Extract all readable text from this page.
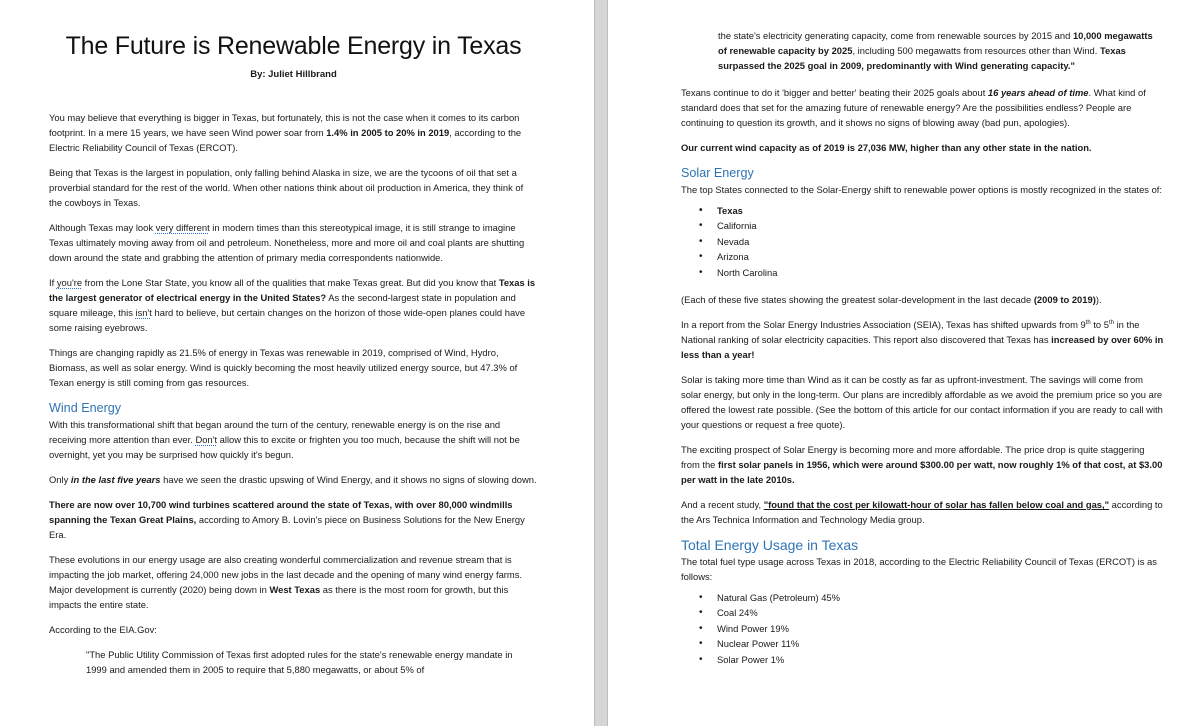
The Future is Renewable Energy in Texas
By: Juliet Hillbrand

You may believe that everything is bigger in Texas, but fortunately, this is not the case when it comes to its carbon footprint. In a mere 15 years, we have seen Wind power soar from 1.4% in 2005 to 20% in 2019, according to the Electric Reliability Council of Texas (ERCOT).

Being that Texas is the largest in population, only falling behind Alaska in size, we are the tycoons of oil that set a proverbial standard for the rest of the world. When other nations think about oil production in America, they think of the cowboys in Texas.

Although Texas may look very different in modern times than this stereotypical image, it is still strange to imagine Texas ultimately moving away from oil and petroleum. Nonetheless, more and more oil and coal plants are shutting down around the state and grabbing the attention of primary media correspondents nationwide.

If you're from the Lone Star State, you know all of the qualities that make Texas great. But did you know that Texas is the largest generator of electrical energy in the United States? As the second-largest state in population and square mileage, this isn't hard to believe, but certain changes on the horizon of those wide-open planes could have some raising eyebrows.

Things are changing rapidly as 21.5% of energy in Texas was renewable in 2019, comprised of Wind, Hydro, Biomass, as well as solar energy. Wind is quickly becoming the most heavily utilized energy source, but 47.3% of Texan energy is still coming from gas resources.

Wind Energy

With this transformational shift that began around the turn of the century, renewable energy is on the rise and receiving more attention than ever. Don't allow this to excite or frighten you too much, because the shift will not be overnight, yet you may be surprised how quickly it's begun.

Only in the last five years have we seen the drastic upswing of Wind Energy, and it shows no signs of slowing down.

There are now over 10,700 wind turbines scattered around the state of Texas, with over 80,000 windmills spanning the Texan Great Plains, according to Amory B. Lovin's piece on Business Solutions for the New Energy Era.

These evolutions in our energy usage are also creating wonderful commercialization and revenue stream that is impacting the job market, offering 24,000 new jobs in the last decade and the opening of many wind energy farms. Major development is currently (2020) being down in West Texas as there is the most room for growth, but this impacts the entire state.

According to the EIA.Gov:

"The Public Utility Commission of Texas first adopted rules for the state's renewable energy mandate in 1999 and amended them in 2005 to require that 5,880 megawatts, or about 5% of

the state's electricity generating capacity, come from renewable sources by 2015 and 10,000 megawatts of renewable capacity by 2025, including 500 megawatts from resources other than Wind. Texas surpassed the 2025 goal in 2009, predominantly with Wind generating capacity."

Texans continue to do it 'bigger and better' beating their 2025 goals about 16 years ahead of time. What kind of standard does that set for the amazing future of renewable energy? Are the possibilities endless? People are continuing to question its growth, and it shows no signs of blowing away (bad pun, apologies).

Our current wind capacity as of 2019 is 27,036 MW, higher than any other state in the nation.

Solar Energy

The top States connected to the Solar-Energy shift to renewable power options is mostly recognized in the states of:

• Texas
• California
• Nevada
• Arizona
• North Carolina

(Each of these five states showing the greatest solar-development in the last decade (2009 to 2019)).

In a report from the Solar Energy Industries Association (SEIA), Texas has shifted upwards from 9th to 5th in the National ranking of solar electricity capacities. This report also discovered that Texas has increased by over 60% in less than a year!

Solar is taking more time than Wind as it can be costly as far as upfront-investment. The savings will come from solar energy, but only in the long-term. Our plans are incredibly affordable as we avoid the premium price so you are offered the lowest rate possible. (See the bottom of this article for our contact information if you are ready to call with your questions or request a free quote).

The exciting prospect of Solar Energy is becoming more and more affordable. The price drop is quite staggering from the first solar panels in 1956, which were around $300.00 per watt, now roughly 1% of that cost, at $3.00 per watt in the late 2010s.

And a recent study, "found that the cost per kilowatt-hour of solar has fallen below coal and gas," according to the Ars Technica Information and Technology Media group.

Total Energy Usage in Texas

The total fuel type usage across Texas in 2018, according to the Electric Reliability Council of Texas (ERCOT) is as follows:

• Natural Gas (Petroleum) 45%
• Coal 24%
• Wind Power 19%
• Nuclear Power 11%
• Solar Power 1%
